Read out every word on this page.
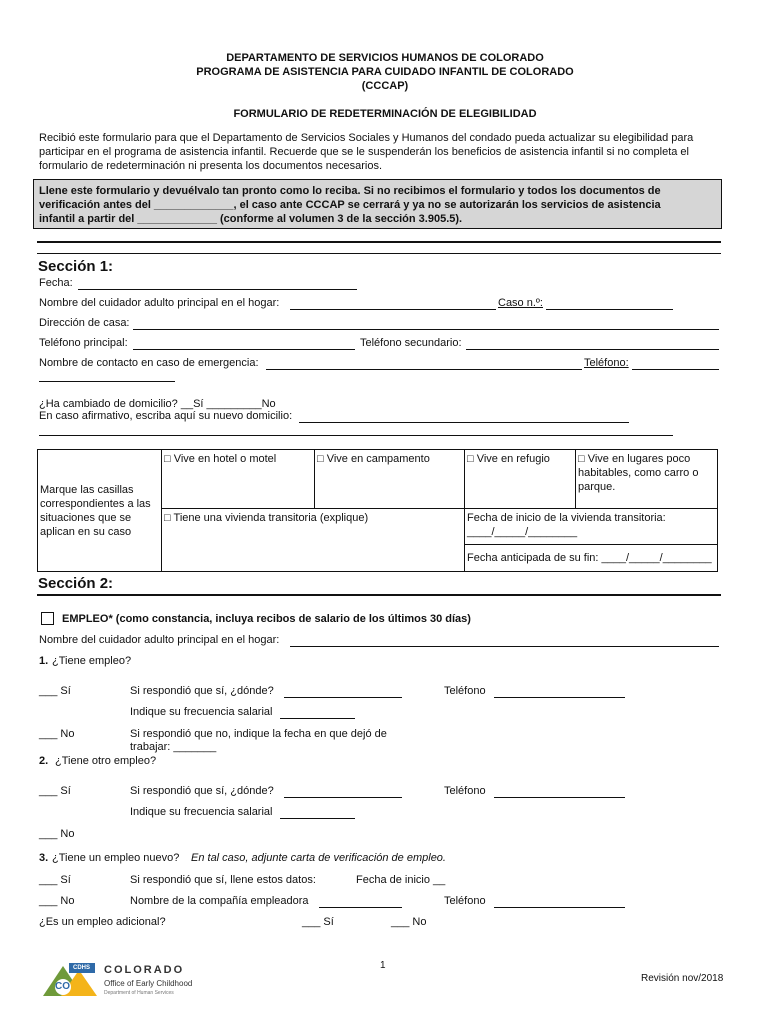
DEPARTAMENTO DE SERVICIOS HUMANOS DE COLORADO
PROGRAMA DE ASISTENCIA PARA CUIDADO INFANTIL DE COLORADO
(CCCAP)
FORMULARIO DE REDETERMINACIÓN DE ELEGIBILIDAD
Recibió este formulario para que el Departamento de Servicios Sociales y Humanos del condado pueda actualizar su elegibilidad para
participar en el programa de asistencia infantil. Recuerde que se le suspenderán los beneficios de asistencia infantil si no completa el
formulario de redeterminación ni presenta los documentos necesarios.
Llene este formulario y devuélvalo tan pronto como lo reciba. Si no recibimos el formulario y todos los documentos de
verificación antes del _____________, el caso ante CCCAP se cerrará y ya no se autorizarán los servicios de asistencia
infantil a partir del _____________ (conforme al volumen 3 de la sección 3.905.5).
Sección 1:
Fecha:
Nombre del cuidador adulto principal en el hogar:	Caso n.º:
Dirección de casa:
Teléfono principal:	Teléfono secundario:
Nombre de contacto en caso de emergencia:	Teléfono:
¿Ha cambiado de domicilio? __Sí _________No
En caso afirmativo, escriba aquí su nuevo domicilio:
Marque las casillas correspondientes a las situaciones que se aplican en su caso	□ Vive en hotel o motel	□ Vive en campamento	□ Vive en refugio	□ Vive en lugares poco
habitables, como carro o
parque.

	□ Tiene una vivienda transitoria (explique)		Fecha de inicio de la vivienda transitoria:
____/_____/________	

			Fecha anticipada de su fin: ____/_____/________	
Sección 2:
EMPLEO* (como constancia, incluya recibos de salario de los últimos 30 días)
Nombre del cuidador adulto principal en el hogar:
1. ¿Tiene empleo?
___ Sí	Si respondió que sí, ¿dónde?	Teléfono
Indique su frecuencia salarial
___ No	Si respondió que no, indique la fecha en que dejó de
trabajar: _______
2. ¿Tiene otro empleo?
___ Sí	Si respondió que sí, ¿dónde?	Teléfono
Indique su frecuencia salarial
___ No
3. ¿Tiene un empleo nuevo? En tal caso, adjunte carta de verificación de empleo.
___ Sí	Si respondió que sí, llene estos datos:	Fecha de inicio __
___ No	Nombre de la compañía empleadora	Teléfono
¿Es un empleo adicional?	___ Sí	___ No
1
CDHS
CO
COLORADO
Office of Early Childhood
Department of Human Services
Revisión nov/2018
